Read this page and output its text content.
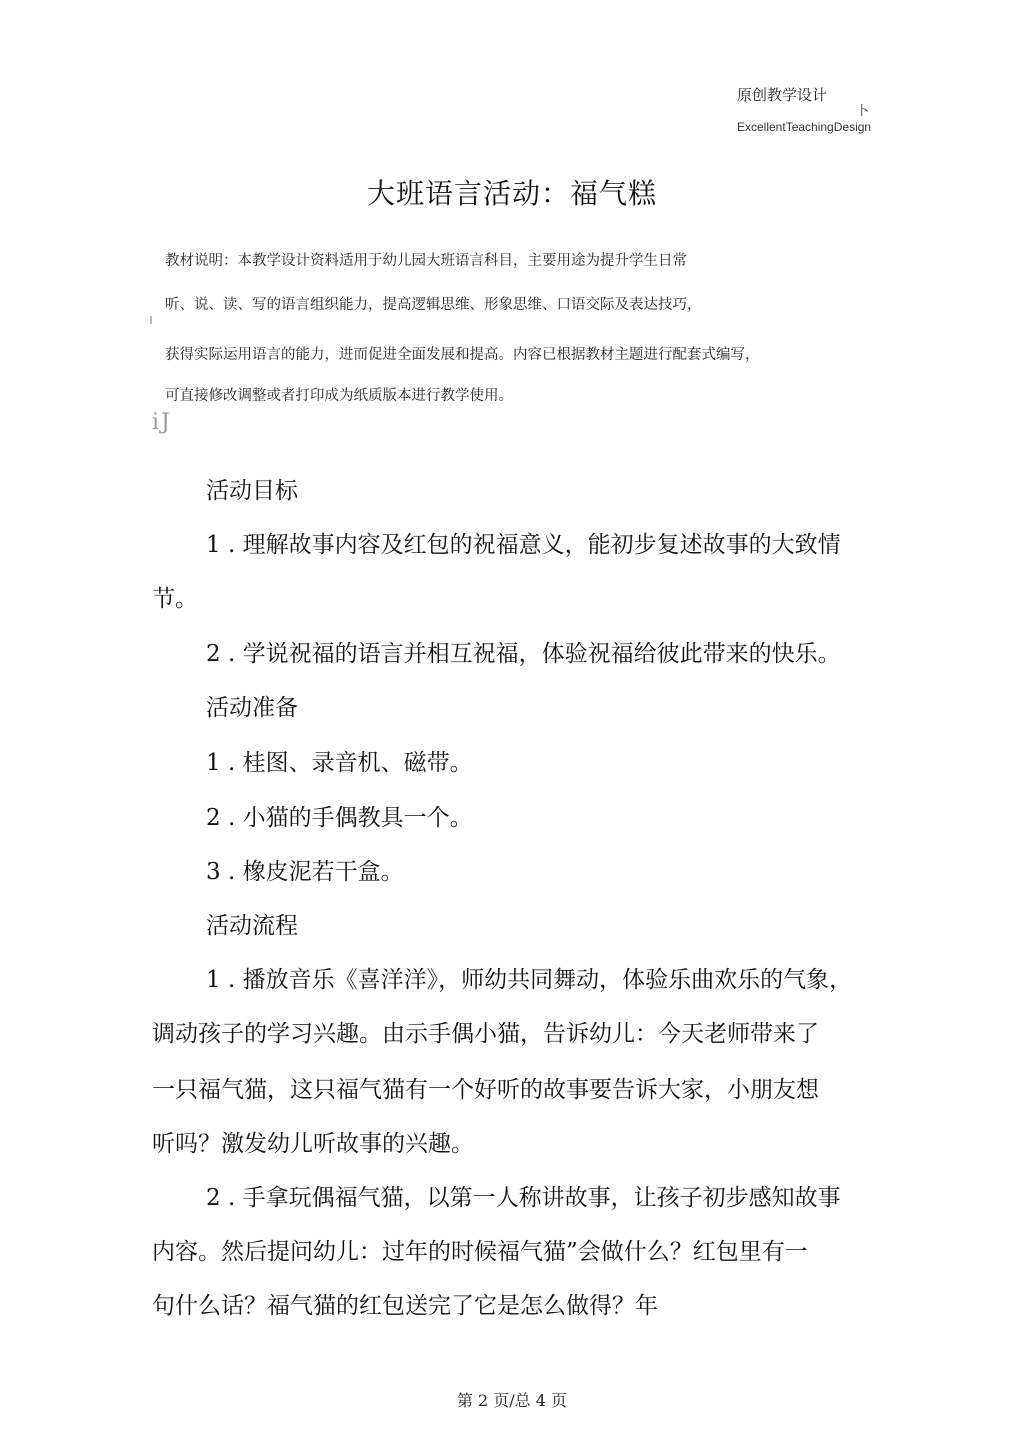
原创教学设计

卜

ExcellentTeachingDesign

大班语言活动：福气糕

教材说明：本教学设计资料适用于幼儿园大班语言科目，主要用途为提升学生日常

听、说、读、写的语言组织能力，提高逻辑思维、形象思维、口语交际及表达技巧，

获得实际运用语言的能力，进而促进全面发展和提高。内容已根据教材主题进行配套式编写，

可直接修改调整或者打印成为纸质版本进行教学使用。

iJ

活动目标

1 . 理解故事内容及红包的祝福意义，能初步复述故事的大致情

节。

2 . 学说祝福的语言并相互祝福，体验祝福给彼此带来的快乐。

活动准备

1 . 桂图、录音机、磁带。

2 . 小猫的手偶教具一个。

3 . 橡皮泥若干盒。

活动流程

1 . 播放音乐《喜洋洋》，师幼共同舞动，体验乐曲欢乐的气象，

调动孩子的学习兴趣。由示手偶小猫，告诉幼儿：今天老师带来了

一只福气猫，这只福气猫有一个好听的故事要告诉大家，小朋友想

听吗？激发幼儿听故事的兴趣。

2 . 手拿玩偶福气猫，以第一人称讲故事，让孩子初步感知故事

内容。然后提问幼儿：过年的时候福气猫”会做什么？红包里有一

句什么话？福气猫的红包送完了它是怎么做得？年

第 2 页/总 4 页
